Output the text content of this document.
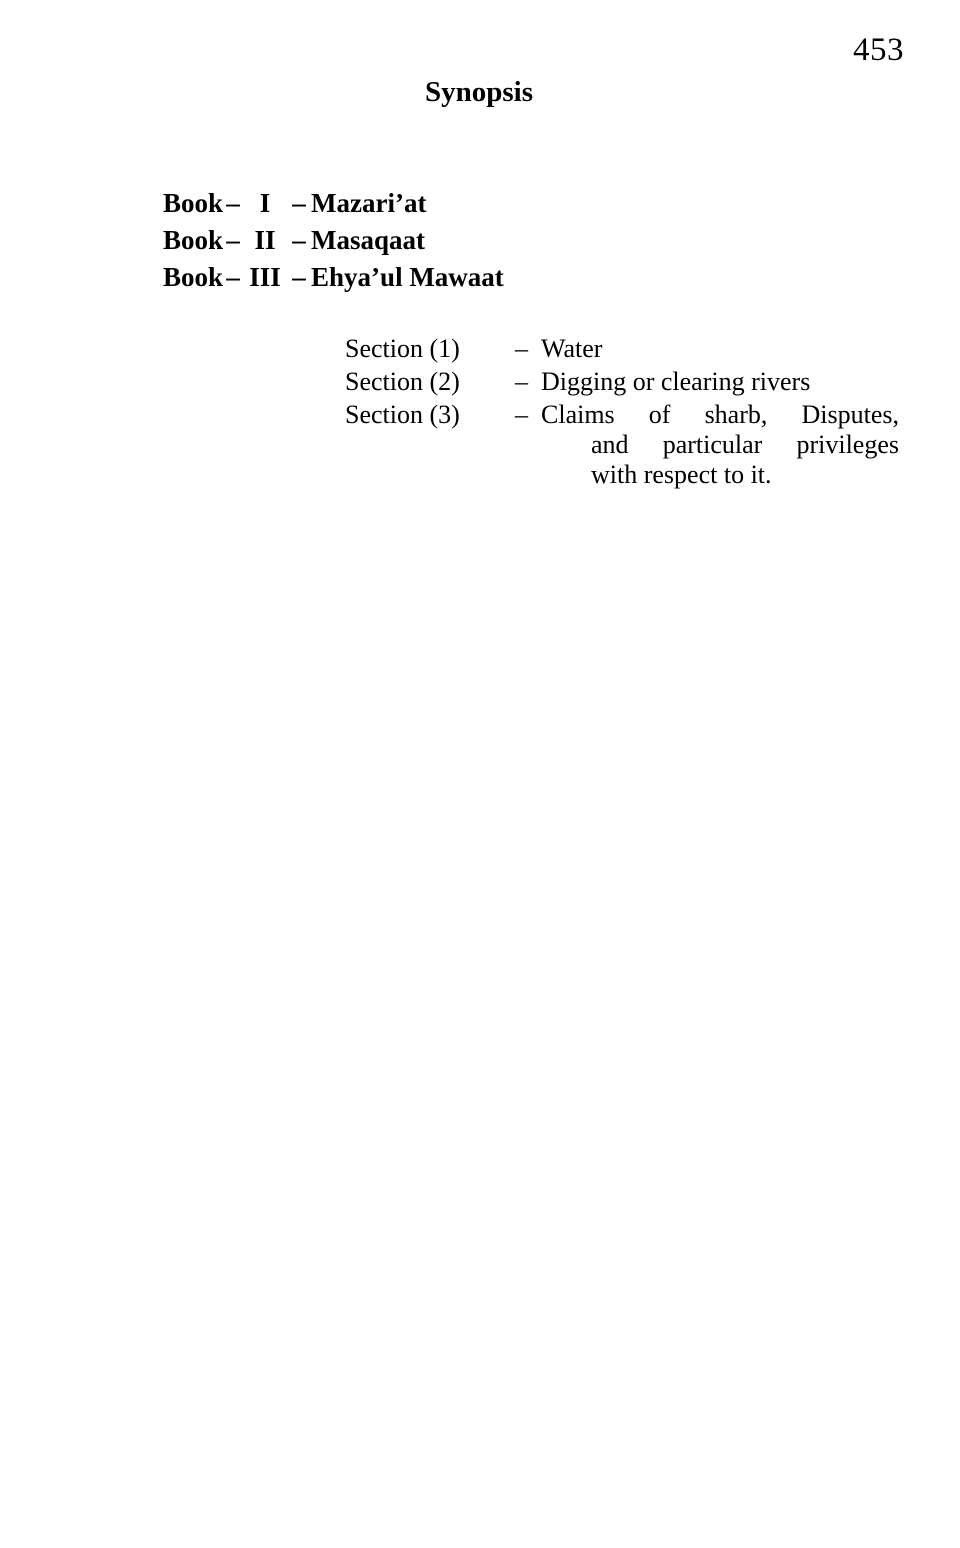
453
Synopsis
Book – I – Mazari’at
Book – II – Masaqaat
Book – III – Ehya’ul Mawaat
Section (1)	– Water
Section (2)	– Digging or clearing rivers
Section (3)	– Claims of sharb, Disputes,
and particular privileges
with respect to it.
